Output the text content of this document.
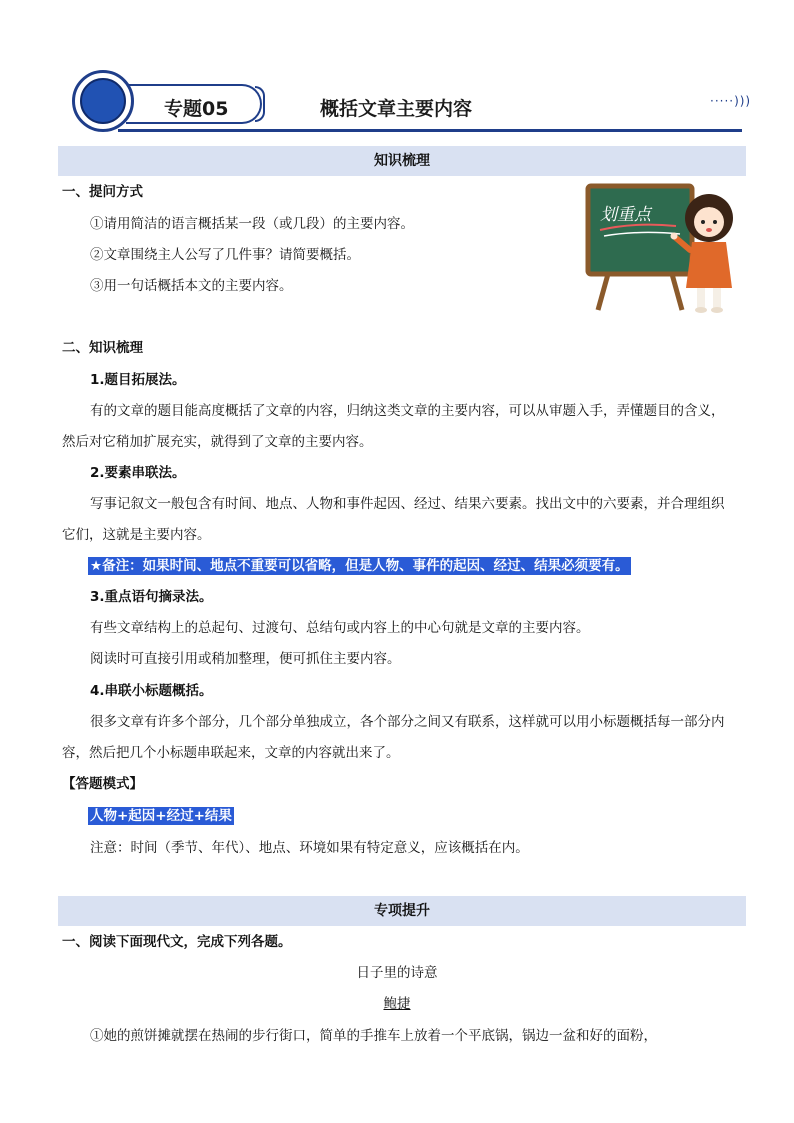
专题05	概括文章主要内容	·····)))
知识梳理
一、提问方式
①请用简洁的语言概括某一段（或几段）的主要内容。
②文章围绕主人公写了几件事？请简要概括。
③用一句话概括本文的主要内容。
划重点
二、知识梳理
1.题目拓展法。
有的文章的题目能高度概括了文章的内容，归纳这类文章的主要内容，可以从审题入手，弄懂题目的含义，
然后对它稍加扩展充实，就得到了文章的主要内容。
2.要素串联法。
写事记叙文一般包含有时间、地点、人物和事件起因、经过、结果六要素。找出文中的六要素，并合理组织
它们，这就是主要内容。
★备注：如果时间、地点不重要可以省略，但是人物、事件的起因、经过、结果必须要有。
3.重点语句摘录法。
有些文章结构上的总起句、过渡句、总结句或内容上的中心句就是文章的主要内容。
阅读时可直接引用或稍加整理，便可抓住主要内容。
4.串联小标题概括。
很多文章有许多个部分，几个部分单独成立，各个部分之间又有联系，这样就可以用小标题概括每一部分内
容，然后把几个小标题串联起来，文章的内容就出来了。
【答题模式】
人物+起因+经过+结果
注意：时间（季节、年代）、地点、环境如果有特定意义，应该概括在内。
专项提升
一、阅读下面现代文，完成下列各题。
日子里的诗意
鲍捷
①她的煎饼摊就摆在热闹的步行街口，简单的手推车上放着一个平底锅，锅边一盆和好的面粉，
